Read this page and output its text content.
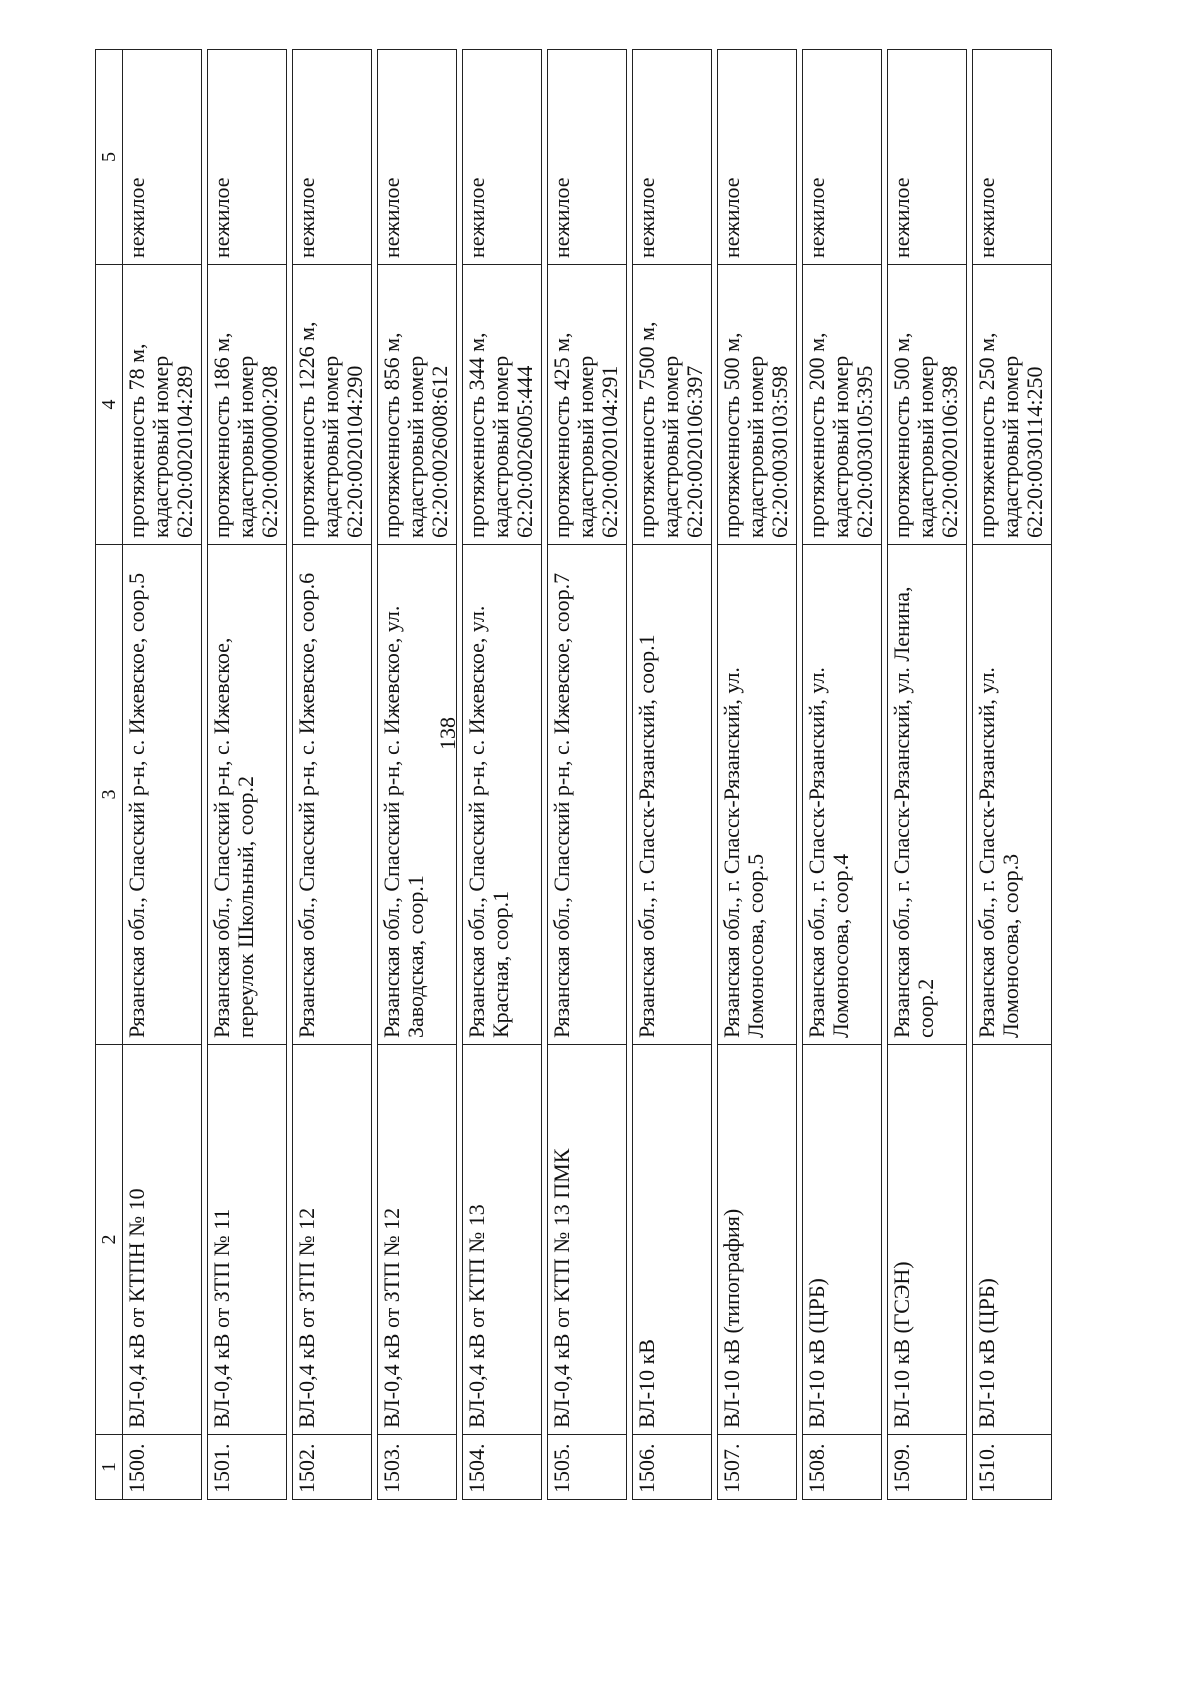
138
1	2	3	4	5
1500.	ВЛ-0,4 кВ от КТПН № 10	Рязанская обл., Спасский р-н, с. Ижевское, соор.5	протяженность 78 м, кадастровый номер 62:20:0020104:289	нежилое

1501.	ВЛ-0,4 кВ от ЗТП № 11	Рязанская обл., Спасский р-н, с. Ижевское, переулок Школьный, соор.2	протяженность 186 м, кадастровый номер 62:20:0000000:208	нежилое

1502.	ВЛ-0,4 кВ от ЗТП № 12	Рязанская обл., Спасский р-н, с. Ижевское, соор.6	протяженность 1226 м, кадастровый номер 62:20:0020104:290	нежилое

1503.	ВЛ-0,4 кВ от ЗТП № 12	Рязанская обл., Спасский р-н, с. Ижевское, ул. Заводская, соор.1	протяженность 856 м, кадастровый номер 62:20:0026008:612	нежилое

1504.	ВЛ-0,4 кВ от КТП № 13	Рязанская обл., Спасский р-н, с. Ижевское, ул. Красная, соор.1	протяженность 344 м, кадастровый номер 62:20:0026005:444	нежилое

1505.	ВЛ-0,4 кВ от КТП № 13 ПМК	Рязанская обл., Спасский р-н, с. Ижевское, соор.7	протяженность 425 м, кадастровый номер 62:20:0020104:291	нежилое

1506.	ВЛ-10 кВ	Рязанская обл., г. Спасск-Рязанский, соор.1	протяженность 7500 м, кадастровый номер 62:20:0020106:397	нежилое

1507.	ВЛ-10 кВ (типография)	Рязанская обл., г. Спасск-Рязанский, ул. Ломоносова, соор.5	протяженность 500 м, кадастровый номер 62:20:0030103:598	нежилое

1508.	ВЛ-10 кВ (ЦРБ)	Рязанская обл., г. Спасск-Рязанский, ул. Ломоносова, соор.4	протяженность 200 м, кадастровый номер 62:20:0030105:395	нежилое

1509.	ВЛ-10 кВ (ГСЭН)	Рязанская обл., г. Спасск-Рязанский, ул. Ленина, соор.2	протяженность 500 м, кадастровый номер 62:20:0020106:398	нежилое

1510.	ВЛ-10 кВ (ЦРБ)	Рязанская обл., г. Спасск-Рязанский, ул. Ломоносова, соор.3	протяженность 250 м, кадастровый номер 62:20:0030114:250	нежилое
